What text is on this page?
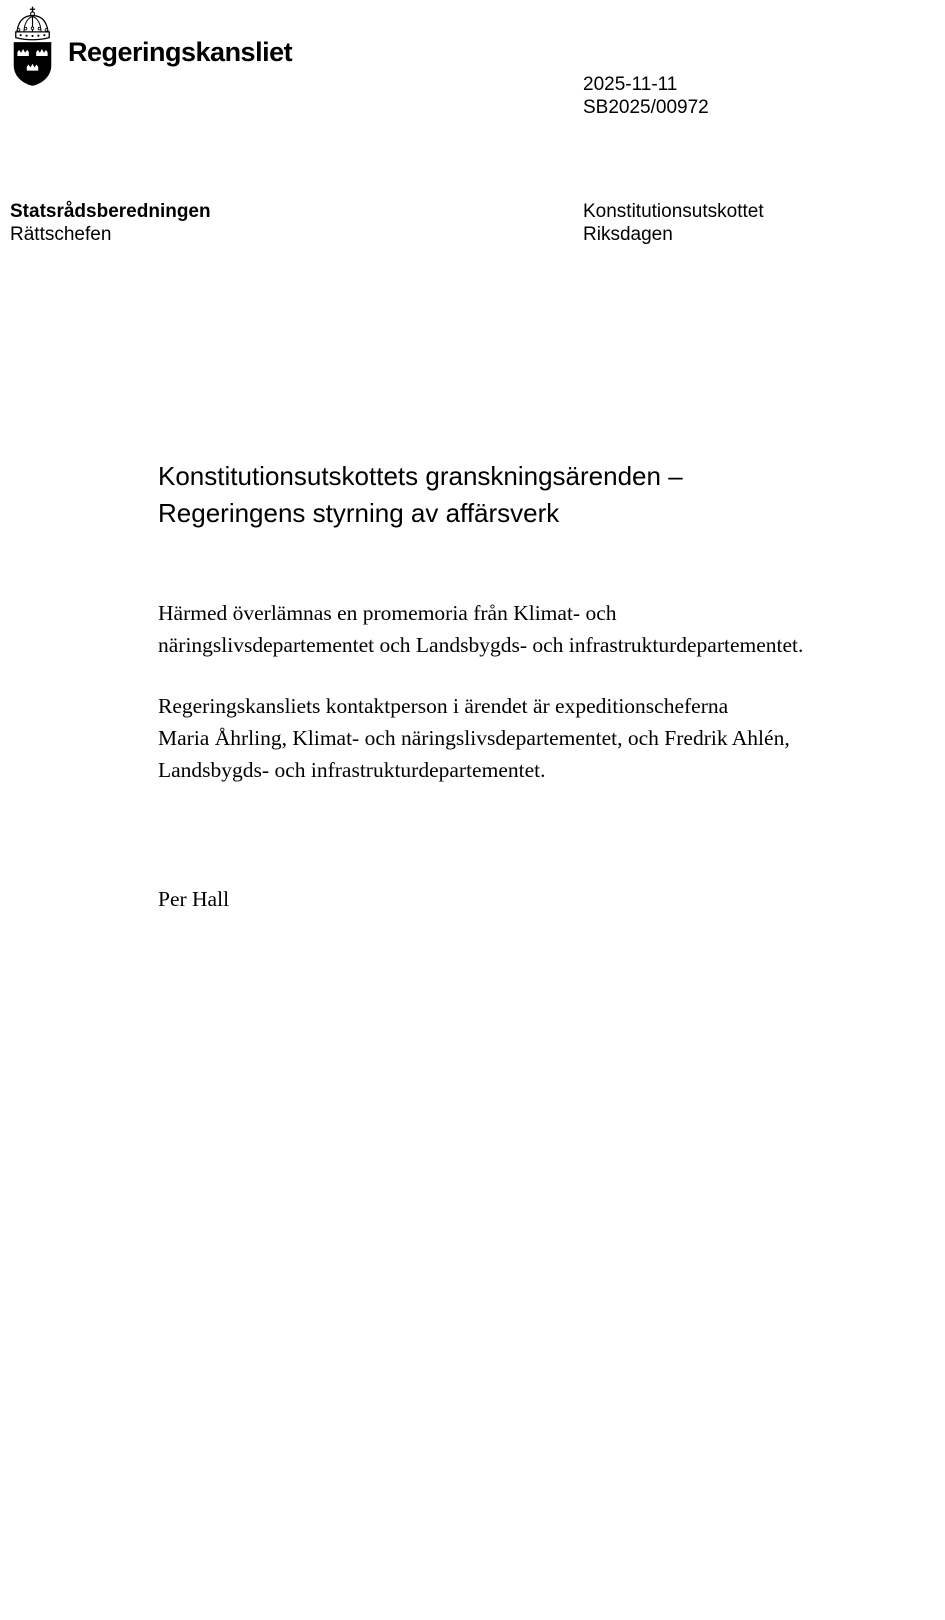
Regeringskansliet
2025-11-11
SB2025/00972
Statsrådsberedningen
Rättschefen
Konstitutionsutskottet
Riksdagen
Konstitutionsutskottets granskningsärenden –
Regeringens styrning av affärsverk
Härmed överlämnas en promemoria från Klimat- och
näringslivsdepartementet och Landsbygds- och infrastrukturdepartementet.
Regeringskansliets kontaktperson i ärendet är expeditionscheferna
Maria Åhrling, Klimat- och näringslivsdepartementet, och Fredrik Ahlén,
Landsbygds- och infrastrukturdepartementet.
Per Hall
